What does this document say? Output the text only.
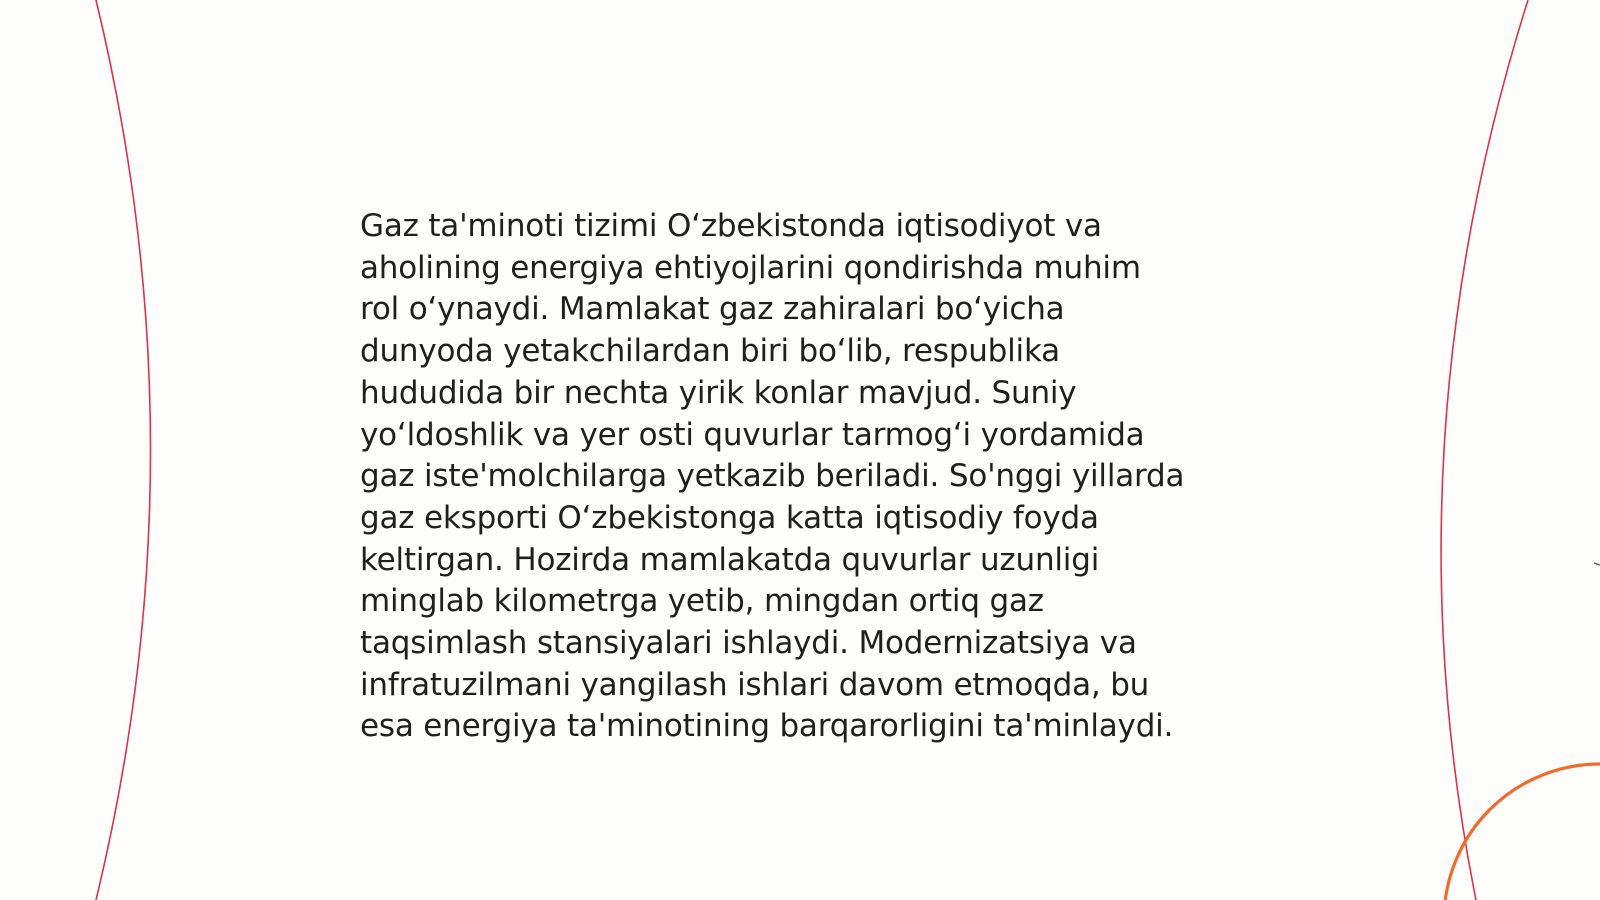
Gaz ta'minoti tizimi Oʻzbekistonda iqtisodiyot va
aholining energiya ehtiyojlarini qondirishda muhim
rol oʻynaydi. Mamlakat gaz zahiralari boʻyicha
dunyoda yetakchilardan biri boʻlib, respublika
hududida bir nechta yirik konlar mavjud. Suniy
yoʻldoshlik va yer osti quvurlar tarmogʻi yordamida
gaz iste'molchilarga yetkazib beriladi. So'nggi yillarda
gaz eksporti Oʻzbekistonga katta iqtisodiy foyda
keltirgan. Hozirda mamlakatda quvurlar uzunligi
minglab kilometrga yetib, mingdan ortiq gaz
taqsimlash stansiyalari ishlaydi. Modernizatsiya va
infratuzilmani yangilash ishlari davom etmoqda, bu
esa energiya ta'minotining barqarorligini ta'minlaydi.
